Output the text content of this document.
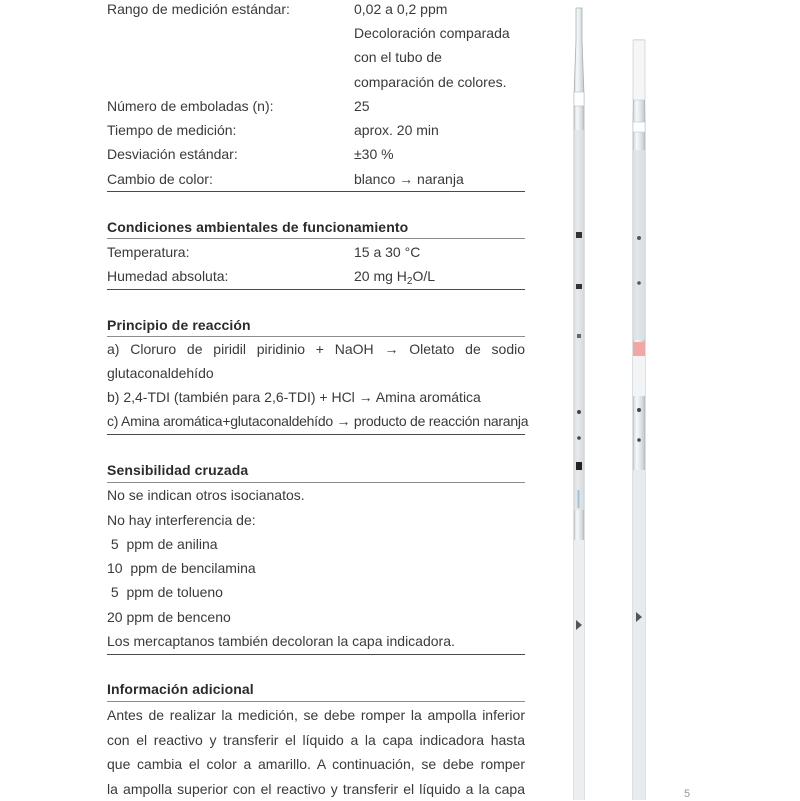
Rango de medición estándar:	0,02 a 0,2 ppm
Decoloración comparada
con el tubo de
comparación de colores.
Número de emboladas (n):	25
Tiempo de medición:	aprox. 20 min
Desviación estándar:	±30 %
Cambio de color:	blanco → naranja
Condiciones ambientales de funcionamiento
Temperatura:	15 a 30 °C
Humedad absoluta:	20 mg $H_2O/L$
Principio de reacción
a) Cloruro de piridil piridinio + NaOH → Oletato de sodio
glutaconaldehído
b) 2,4-TDI (también para 2,6-TDI) + HCl → Amina aromática
c) Amina aromática+glutaconaldehído → producto de reacción naranja
Sensibilidad cruzada
No se indican otros isocianatos.
No hay interferencia de:
5  ppm de anilina
10  ppm de bencilamina
5  ppm de tolueno
20 ppm de benceno
Los mercaptanos también decoloran la capa indicadora.
Información adicional
Antes de realizar la medición, se debe romper la ampolla inferior
con el reactivo y transferir el líquido a la capa indicadora hasta
que cambia el color a amarillo. A continuación, se debe romper
la ampolla superior con el reactivo y transferir el líquido a la capa	5
